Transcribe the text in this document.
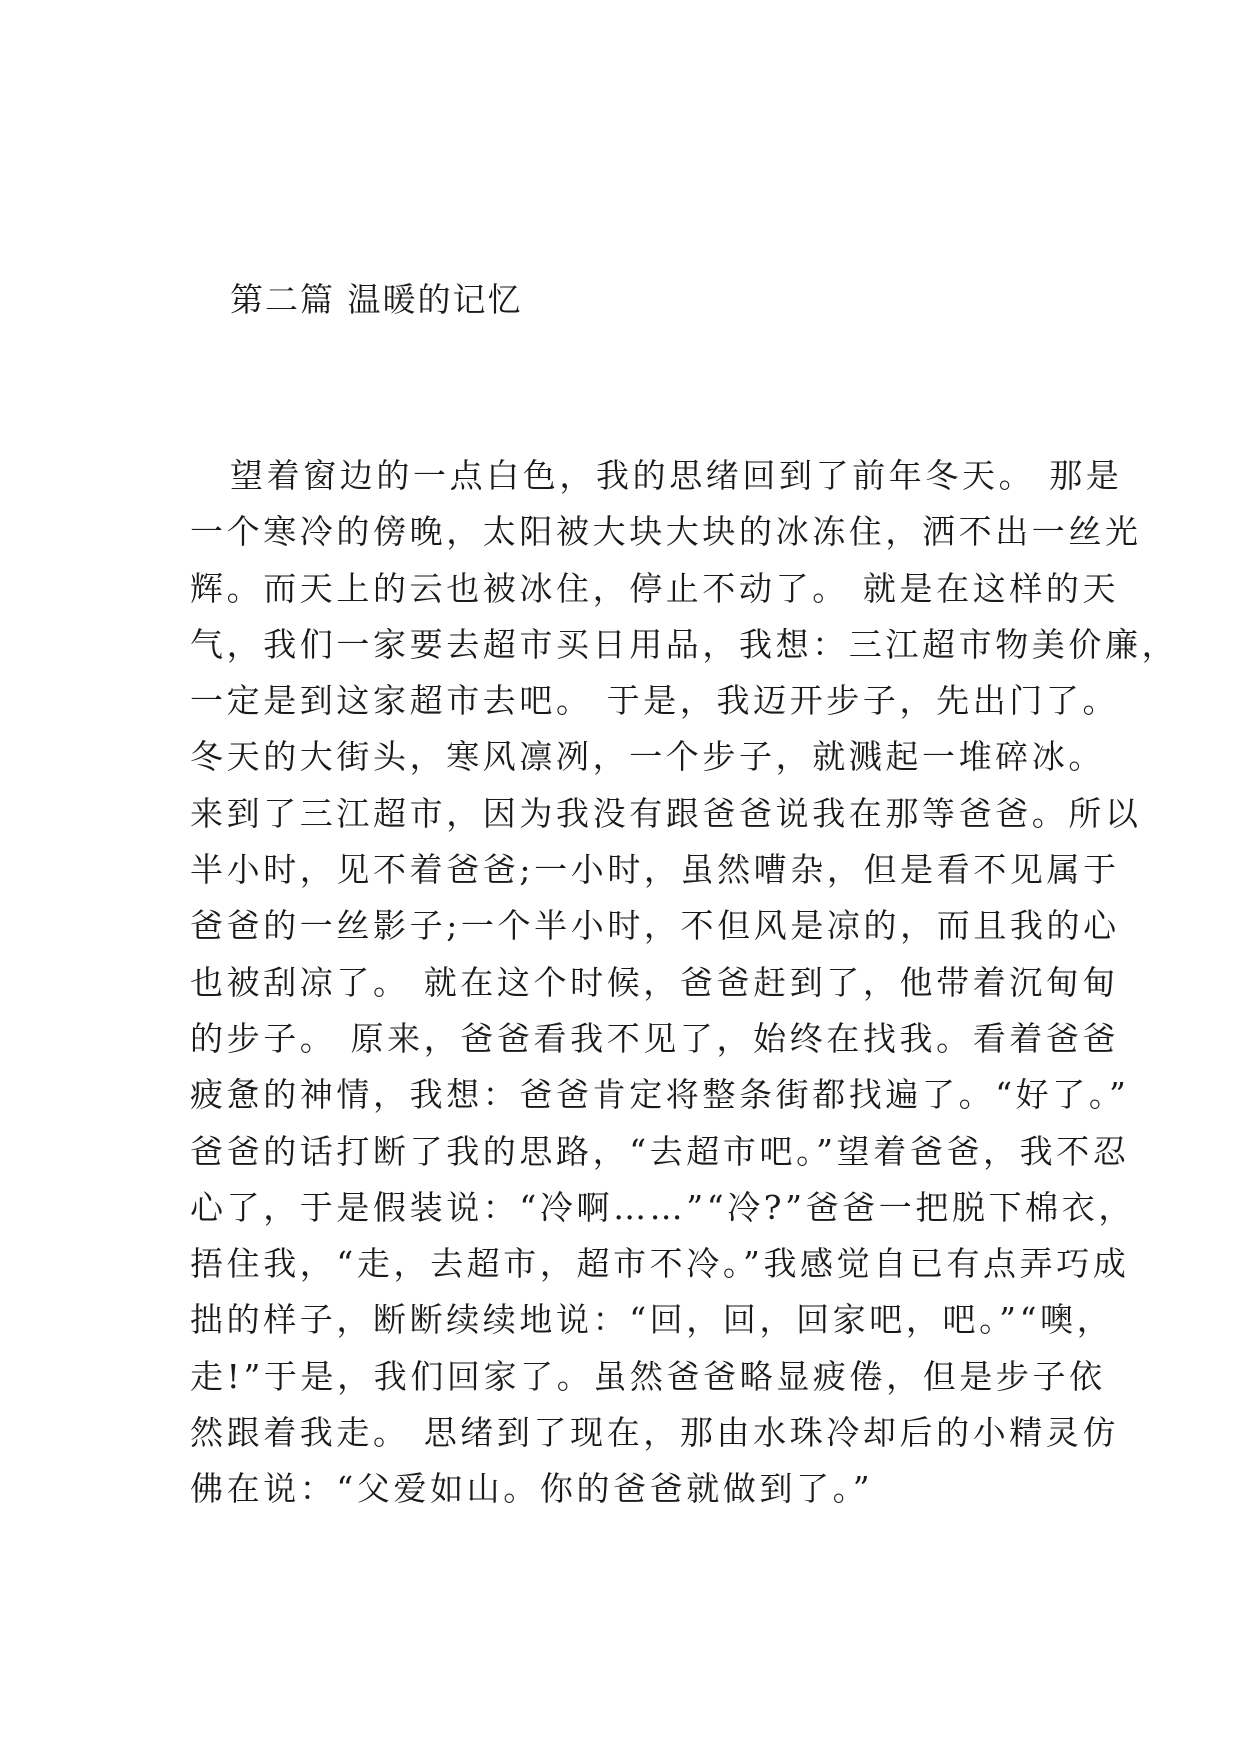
第二篇 温暖的记忆
望着窗边的一点白色，我的思绪回到了前年冬天。 那是
一个寒冷的傍晚，太阳被大块大块的冰冻住，洒不出一丝光
辉。而天上的云也被冰住，停止不动了。 就是在这样的天
气，我们一家要去超市买日用品，我想：三江超市物美价廉，
一定是到这家超市去吧。 于是，我迈开步子，先出门了。
冬天的大街头，寒风凛冽，一个步子，就溅起一堆碎冰。
来到了三江超市，因为我没有跟爸爸说我在那等爸爸。所以
半小时，见不着爸爸;一小时，虽然嘈杂，但是看不见属于
爸爸的一丝影子;一个半小时，不但风是凉的，而且我的心
也被刮凉了。 就在这个时候，爸爸赶到了，他带着沉甸甸
的步子。 原来，爸爸看我不见了，始终在找我。看着爸爸
疲惫的神情，我想：爸爸肯定将整条街都找遍了。“好了。”
爸爸的话打断了我的思路，“去超市吧。”望着爸爸，我不忍
心了，于是假装说：“冷啊……”“冷?”爸爸一把脱下棉衣，
捂住我，“走，去超市，超市不冷。”我感觉自已有点弄巧成
拙的样子，断断续续地说：“回，回，回家吧，吧。”“噢，
走!”于是，我们回家了。虽然爸爸略显疲倦，但是步子依
然跟着我走。 思绪到了现在，那由水珠冷却后的小精灵仿
佛在说：“父爱如山。你的爸爸就做到了。”
